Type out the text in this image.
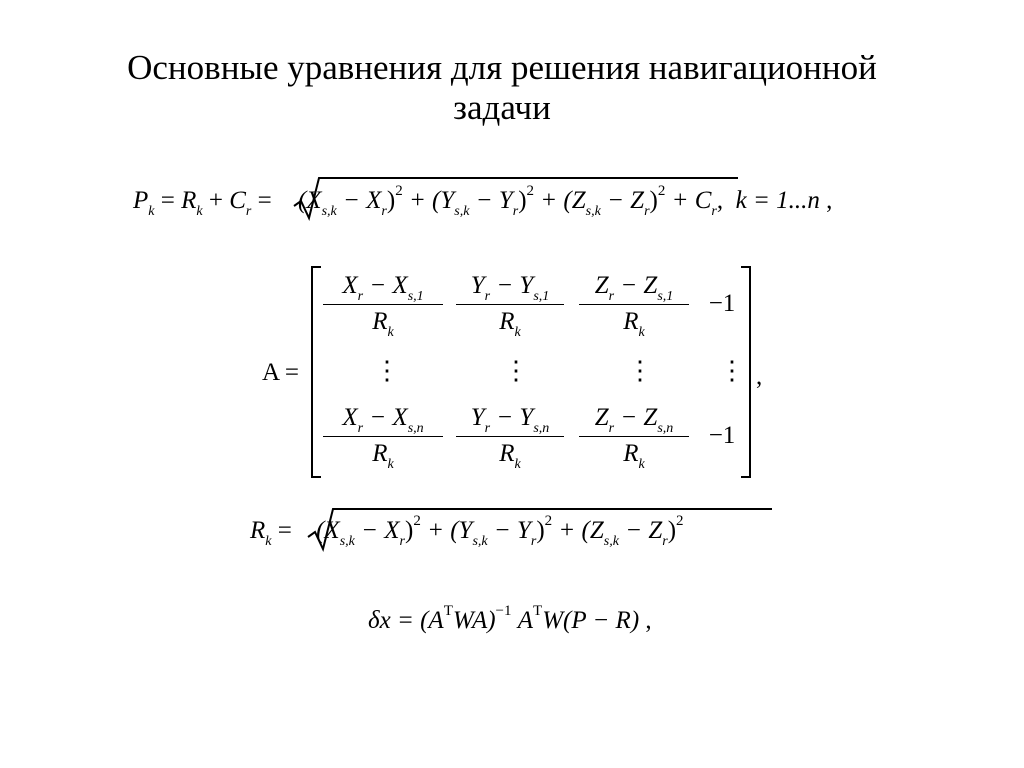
Основные уравнения для решения навигационной
задачи
$P_k = R_k + C_r = (X_{s,k} - X_r)^2 + (Y_{s,k} - Y_r)^2 + (Z_{s,k} - Z_r)^2 + C_r$, k = 1...n ,
A =
$\frac{X_r - X_{s,1}}{R_k} \frac{Y_r - Y_{s,1}}{R_k} \frac{Z_r - Z_{s,1}}{R_k} -1$
⋮	⋮	⋮	⋮
$\frac{X_r - X_{s,n}}{R_k} \frac{Y_r - Y_{s,n}}{R_k} \frac{Z_r - Z_{s,n}}{R_k} -1$
,
$R_k = (X_{s,k} - X_r)^2 + (Y_{s,k} - Y_r)^2 + (Z_{s,k} - Z_r)^2$
$\delta x = (A^TWA)^{-1}$ $A^TW(P - R)$ ,
